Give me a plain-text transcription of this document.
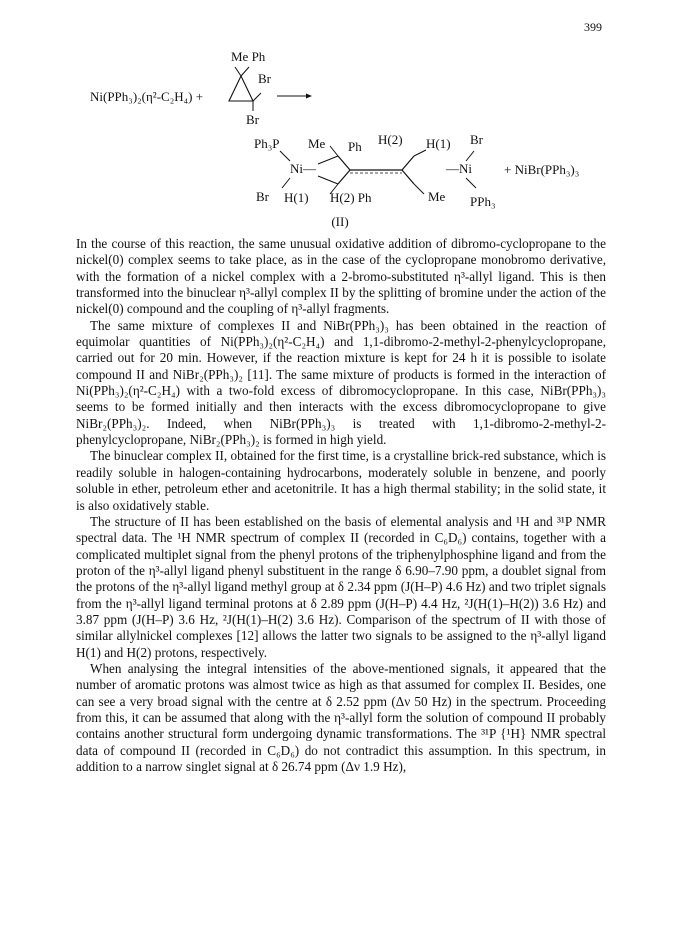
399
Me Ph
Br
Ni(PPh₃)₂(η²-C₂H₄) +
Br
Ph₃P Me Ph H(2) H(1) Br
Ni—	—Ni + NiBr(PPh₃)₃
Br H(1) H(2) Ph	Me PPh₃
(II)

In the course of this reaction, the same unusual oxidative addition of dibromo-cyclopropane to the nickel(0) complex seems to take place, as in the case of the cyclopropane monobromo derivative, with the formation of a nickel complex with a 2-bromo-substituted η³-allyl ligand. This is then transformed into the binuclear η³-allyl complex II by the splitting of bromine under the action of the nickel(0) compound and the coupling of η³-allyl fragments.

The same mixture of complexes II and NiBr(PPh₃)₃ has been obtained in the reaction of equimolar quantities of Ni(PPh₃)₂(η²-C₂H₄) and 1,1-dibromo-2-methyl-2-phenylcyclopropane, carried out for 20 min. However, if the reaction mixture is kept for 24 h it is possible to isolate compound II and NiBr₂(PPh₃)₂ [11]. The same mixture of products is formed in the interaction of Ni(PPh₃)₂(η²-C₂H₄) with a two-fold excess of dibromocyclopropane. In this case, NiBr(PPh₃)₃ seems to be formed initially and then interacts with the excess dibromocyclopropane to give NiBr₂(PPh₃)₂. Indeed, when NiBr(PPh₃)₃ is treated with 1,1-dibromo-2-methyl-2-phenylcyclopropane, NiBr₂(PPh₃)₂ is formed in high yield.

The binuclear complex II, obtained for the first time, is a crystalline brick-red substance, which is readily soluble in halogen-containing hydrocarbons, moderately soluble in benzene, and poorly soluble in ether, petroleum ether and acetonitrile. It has a high thermal stability; in the solid state, it is also oxidatively stable.

The structure of II has been established on the basis of elemental analysis and ¹H and ³¹P NMR spectral data. The ¹H NMR spectrum of complex II (recorded in C₆D₆) contains, together with a complicated multiplet signal from the phenyl protons of the triphenylphosphine ligand and from the proton of the η³-allyl ligand phenyl substituent in the range δ 6.90–7.90 ppm, a doublet signal from the protons of the η³-allyl ligand methyl group at δ 2.34 ppm (J(H–P) 4.6 Hz) and two triplet signals from the η³-allyl ligand terminal protons at δ 2.89 ppm (J(H–P) 4.4 Hz, ²J(H(1)–H(2)) 3.6 Hz) and 3.87 ppm (J(H–P) 3.6 Hz, ²J(H(1)–H(2) 3.6 Hz). Comparison of the spectrum of II with those of similar allylnickel complexes [12] allows the latter two signals to be assigned to the η³-allyl ligand H(1) and H(2) protons, respectively.

When analysing the integral intensities of the above-mentioned signals, it appeared that the number of aromatic protons was almost twice as high as that assumed for complex II. Besides, one can see a very broad signal with the centre at δ 2.52 ppm (Δν 50 Hz) in the spectrum. Proceeding from this, it can be assumed that along with the η³-allyl form the solution of compound II probably contains another structural form undergoing dynamic transformations. The ³¹P {¹H} NMR spectral data of compound II (recorded in C₆D₆) do not contradict this assumption. In this spectrum, in addition to a narrow singlet signal at δ 26.74 ppm (Δν 1.9 Hz),
